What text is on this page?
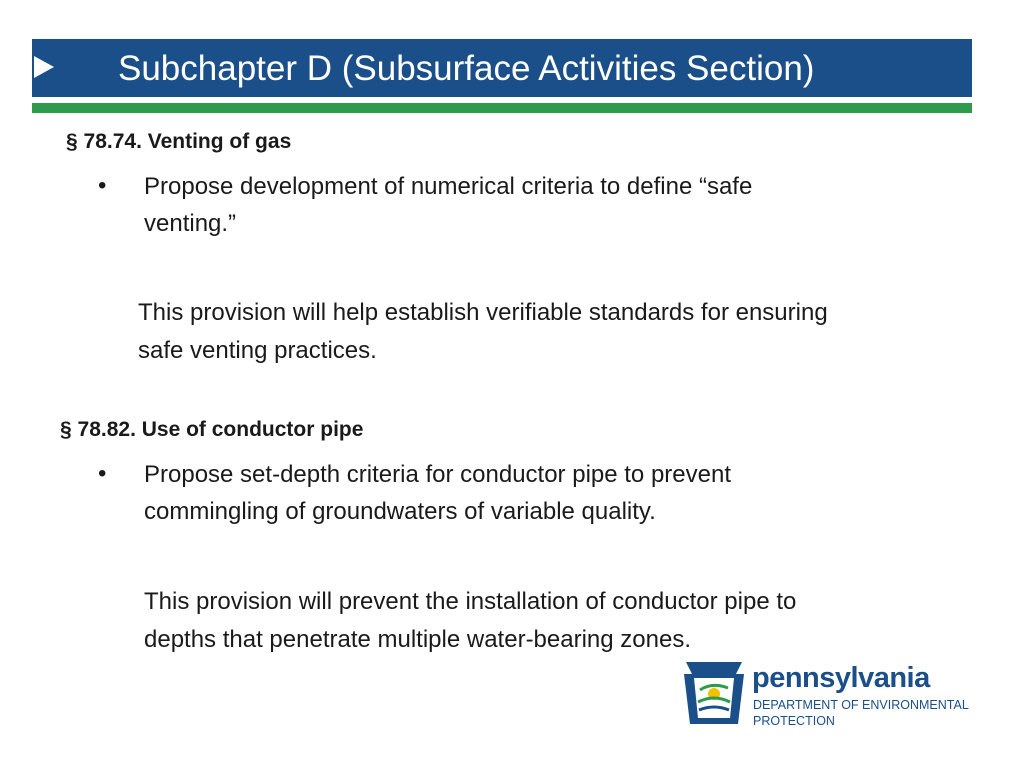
Subchapter D (Subsurface Activities Section)
§ 78.74. Venting of gas
• Propose development of numerical criteria to define “safe
venting.”
This provision will help establish verifiable standards for ensuring
safe venting practices.
§ 78.82. Use of conductor pipe
• Propose set-depth criteria for conductor pipe to prevent
commingling of groundwaters of variable quality.
This provision will prevent the installation of conductor pipe to
depths that penetrate multiple water-bearing zones.
pennsylvania
DEPARTMENT OF ENVIRONMENTAL
PROTECTION
